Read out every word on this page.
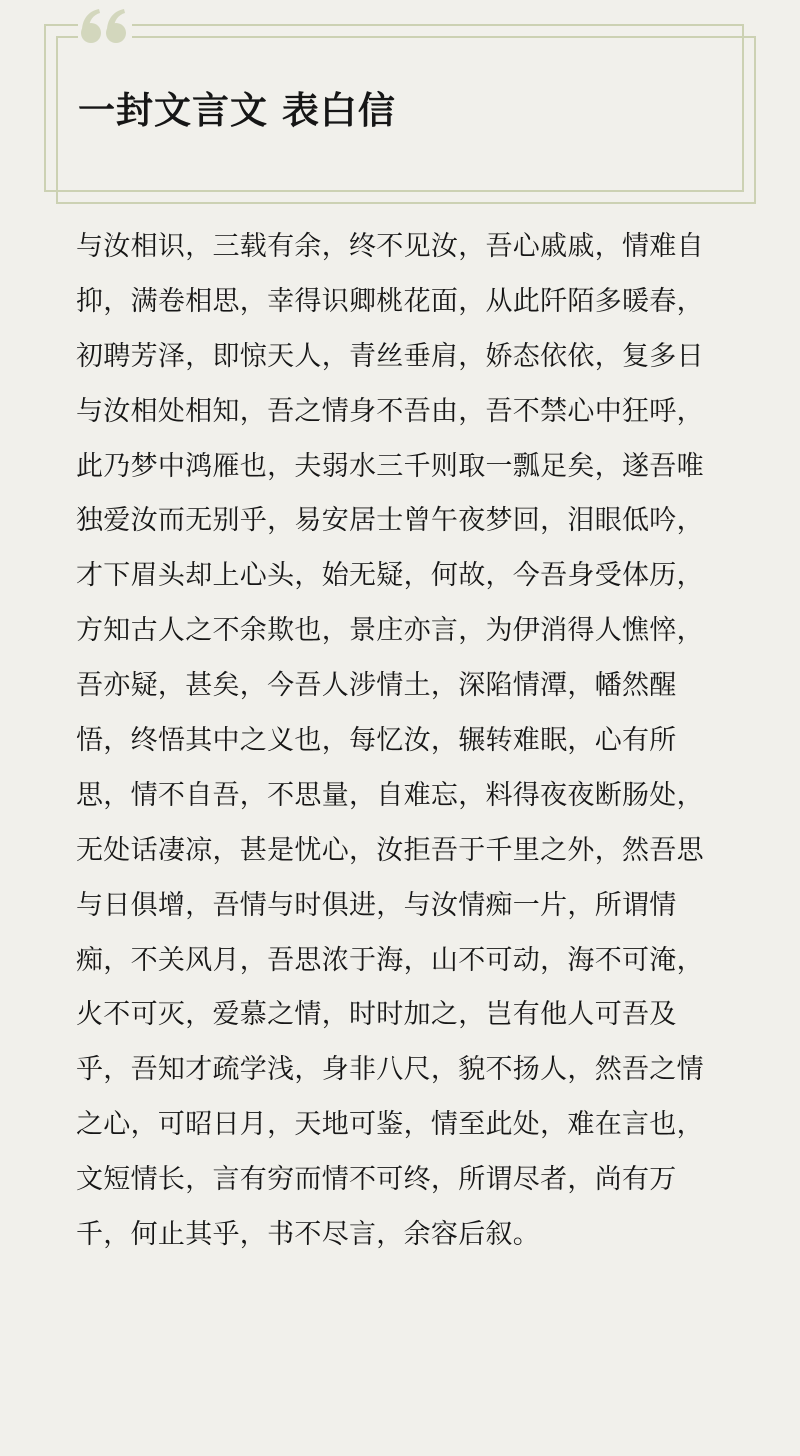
一封文言文 表白信
与汝相识，三载有余，终不见汝，吾心戚戚，情难自
抑，满卷相思，幸得识卿桃花面，从此阡陌多暖春，
初聘芳泽，即惊天人，青丝垂肩，娇态依依，复多日
与汝相处相知，吾之情身不吾由，吾不禁心中狂呼，
此乃梦中鸿雁也，夫弱水三千则取一瓢足矣，遂吾唯
独爱汝而无别乎，易安居士曾午夜梦回，泪眼低吟，
才下眉头却上心头，始无疑，何故，今吾身受体历，
方知古人之不余欺也，景庄亦言，为伊消得人憔悴，
吾亦疑，甚矣，今吾人涉情土，深陷情潭，幡然醒
悟，终悟其中之义也，每忆汝，辗转难眠，心有所
思，情不自吾，不思量，自难忘，料得夜夜断肠处，
无处话凄凉，甚是忧心，汝拒吾于千里之外，然吾思
与日俱增，吾情与时俱进，与汝情痴一片，所谓情
痴，不关风月，吾思浓于海，山不可动，海不可淹，
火不可灭，爱慕之情，时时加之，岂有他人可吾及
乎，吾知才疏学浅，身非八尺，貌不扬人，然吾之情
之心，可昭日月，天地可鉴，情至此处，难在言也，
文短情长，言有穷而情不可终，所谓尽者，尚有万
千，何止其乎，书不尽言，余容后叙。
